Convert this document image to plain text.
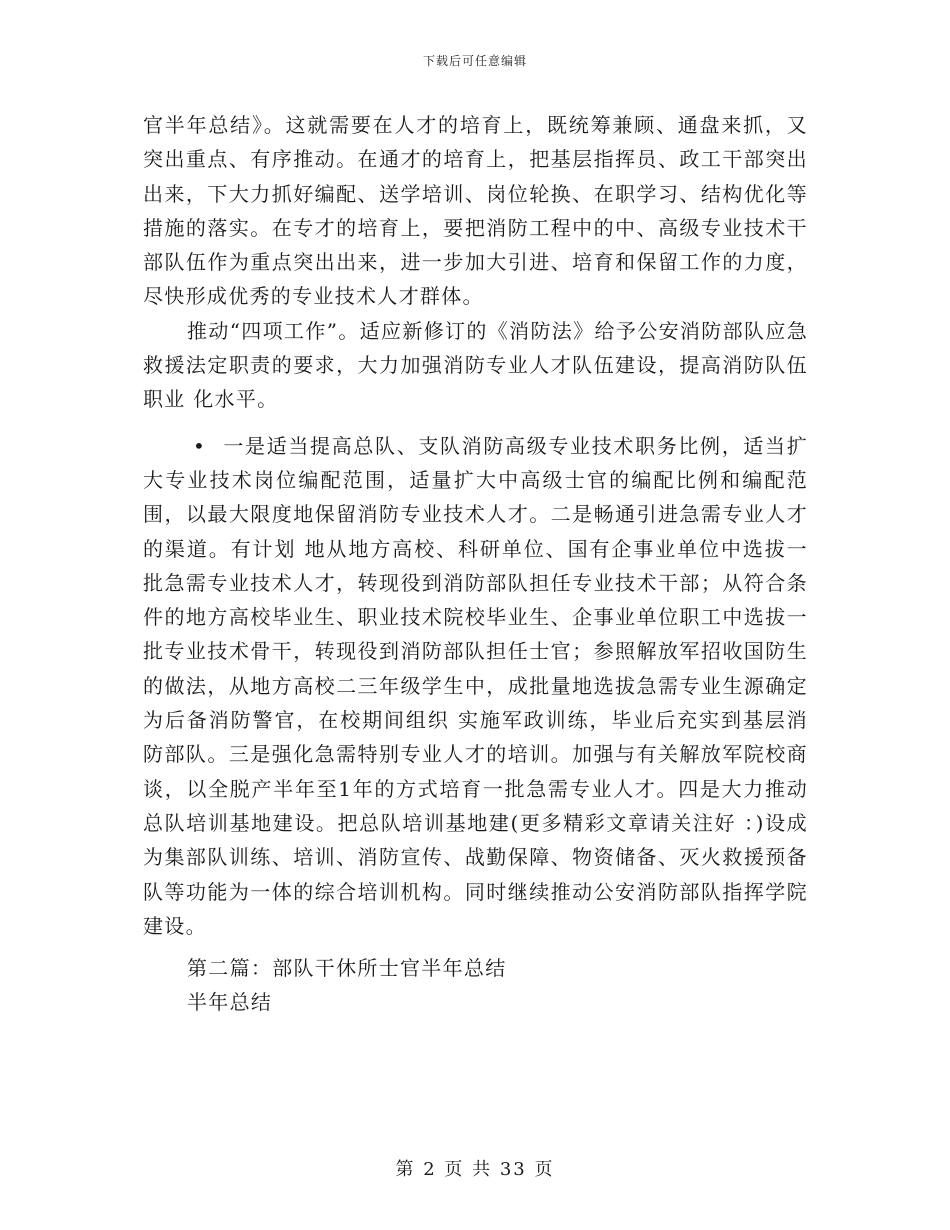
下载后可任意编辑

官半年总结》。这就需要在人才的培育上，既统筹兼顾、通盘来抓，又突出重点、有序推动。在通才的培育上，把基层指挥员、政工干部突出出来，下大力抓好编配、送学培训、岗位轮换、在职学习、结构优化等措施的落实。在专才的培育上，要把消防工程中的中、高级专业技术干部队伍作为重点突出出来，进一步加大引进、培育和保留工作的力度，尽快形成优秀的专业技术人才群体。

推动“四项工作”。适应新修订的《消防法》给予公安消防部队应急救援法定职责的要求，大力加强消防专业人才队伍建设，提高消防队伍职业 化水平。

• 一是适当提高总队、支队消防高级专业技术职务比例，适当扩大专业技术岗位编配范围，适量扩大中高级士官的编配比例和编配范围，以最大限度地保留消防专业技术人才。二是畅通引进急需专业人才的渠道。有计划 地从地方高校、科研单位、国有企事业单位中选拔一批急需专业技术人才，转现役到消防部队担任专业技术干部；从符合条件的地方高校毕业生、职业技术院校毕业生、企事业单位职工中选拔一批专业技术骨干，转现役到消防部队担任士官；参照解放军招收国防生的做法，从地方高校二三年级学生中，成批量地选拔急需专业生源确定为后备消防警官，在校期间组织 实施军政训练，毕业后充实到基层消防部队。三是强化急需特别专业人才的培训。加强与有关解放军院校商谈，以全脱产半年至1年的方式培育一批急需专业人才。四是大力推动总队培训基地建设。把总队培训基地建(更多精彩文章请关注好 ：)设成为集部队训练、培训、消防宣传、战勤保障、物资储备、灭火救援预备队等功能为一体的综合培训机构。同时继续推动公安消防部队指挥学院建设。

第二篇：部队干休所士官半年总结

半年总结

第 2 页 共 33 页
